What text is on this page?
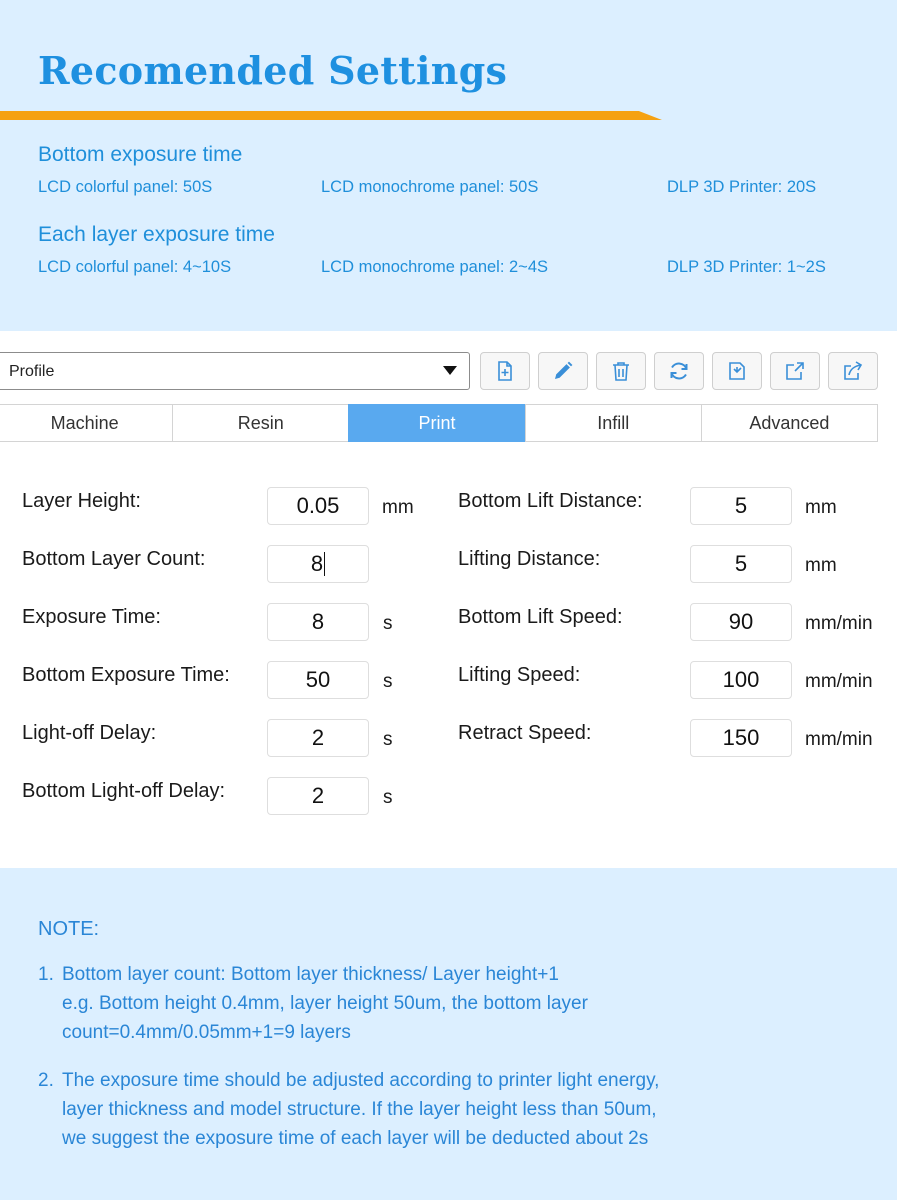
Recomended Settings
Bottom exposure time
LCD colorful panel: 50S	LCD monochrome panel: 50S	DLP 3D Printer: 20S
Each layer exposure time
LCD colorful panel: 4~10S	LCD monochrome panel: 2~4S	DLP 3D Printer: 1~2S
Profile
Machine	Resin	Print	Infill	Advanced
Layer Height:	0.05	mm
Bottom Layer Count:	8
Exposure Time:	8	s
Bottom Exposure Time:	50	s
Light-off Delay:	2	s
Bottom Light-off Delay:	2	s
Bottom Lift Distance:	5	mm
Lifting Distance:	5	mm
Bottom Lift Speed:	90	mm/min
Lifting Speed:	100	mm/min
Retract Speed:	150	mm/min
NOTE:
1. Bottom layer count: Bottom layer thickness/ Layer height+1
e.g. Bottom height 0.4mm, layer height 50um, the bottom layer
count=0.4mm/0.05mm+1=9 layers
2. The exposure time should be adjusted according to printer light energy,
layer thickness and model structure. If the layer height less than 50um,
we suggest the exposure time of each layer will be deducted about 2s
